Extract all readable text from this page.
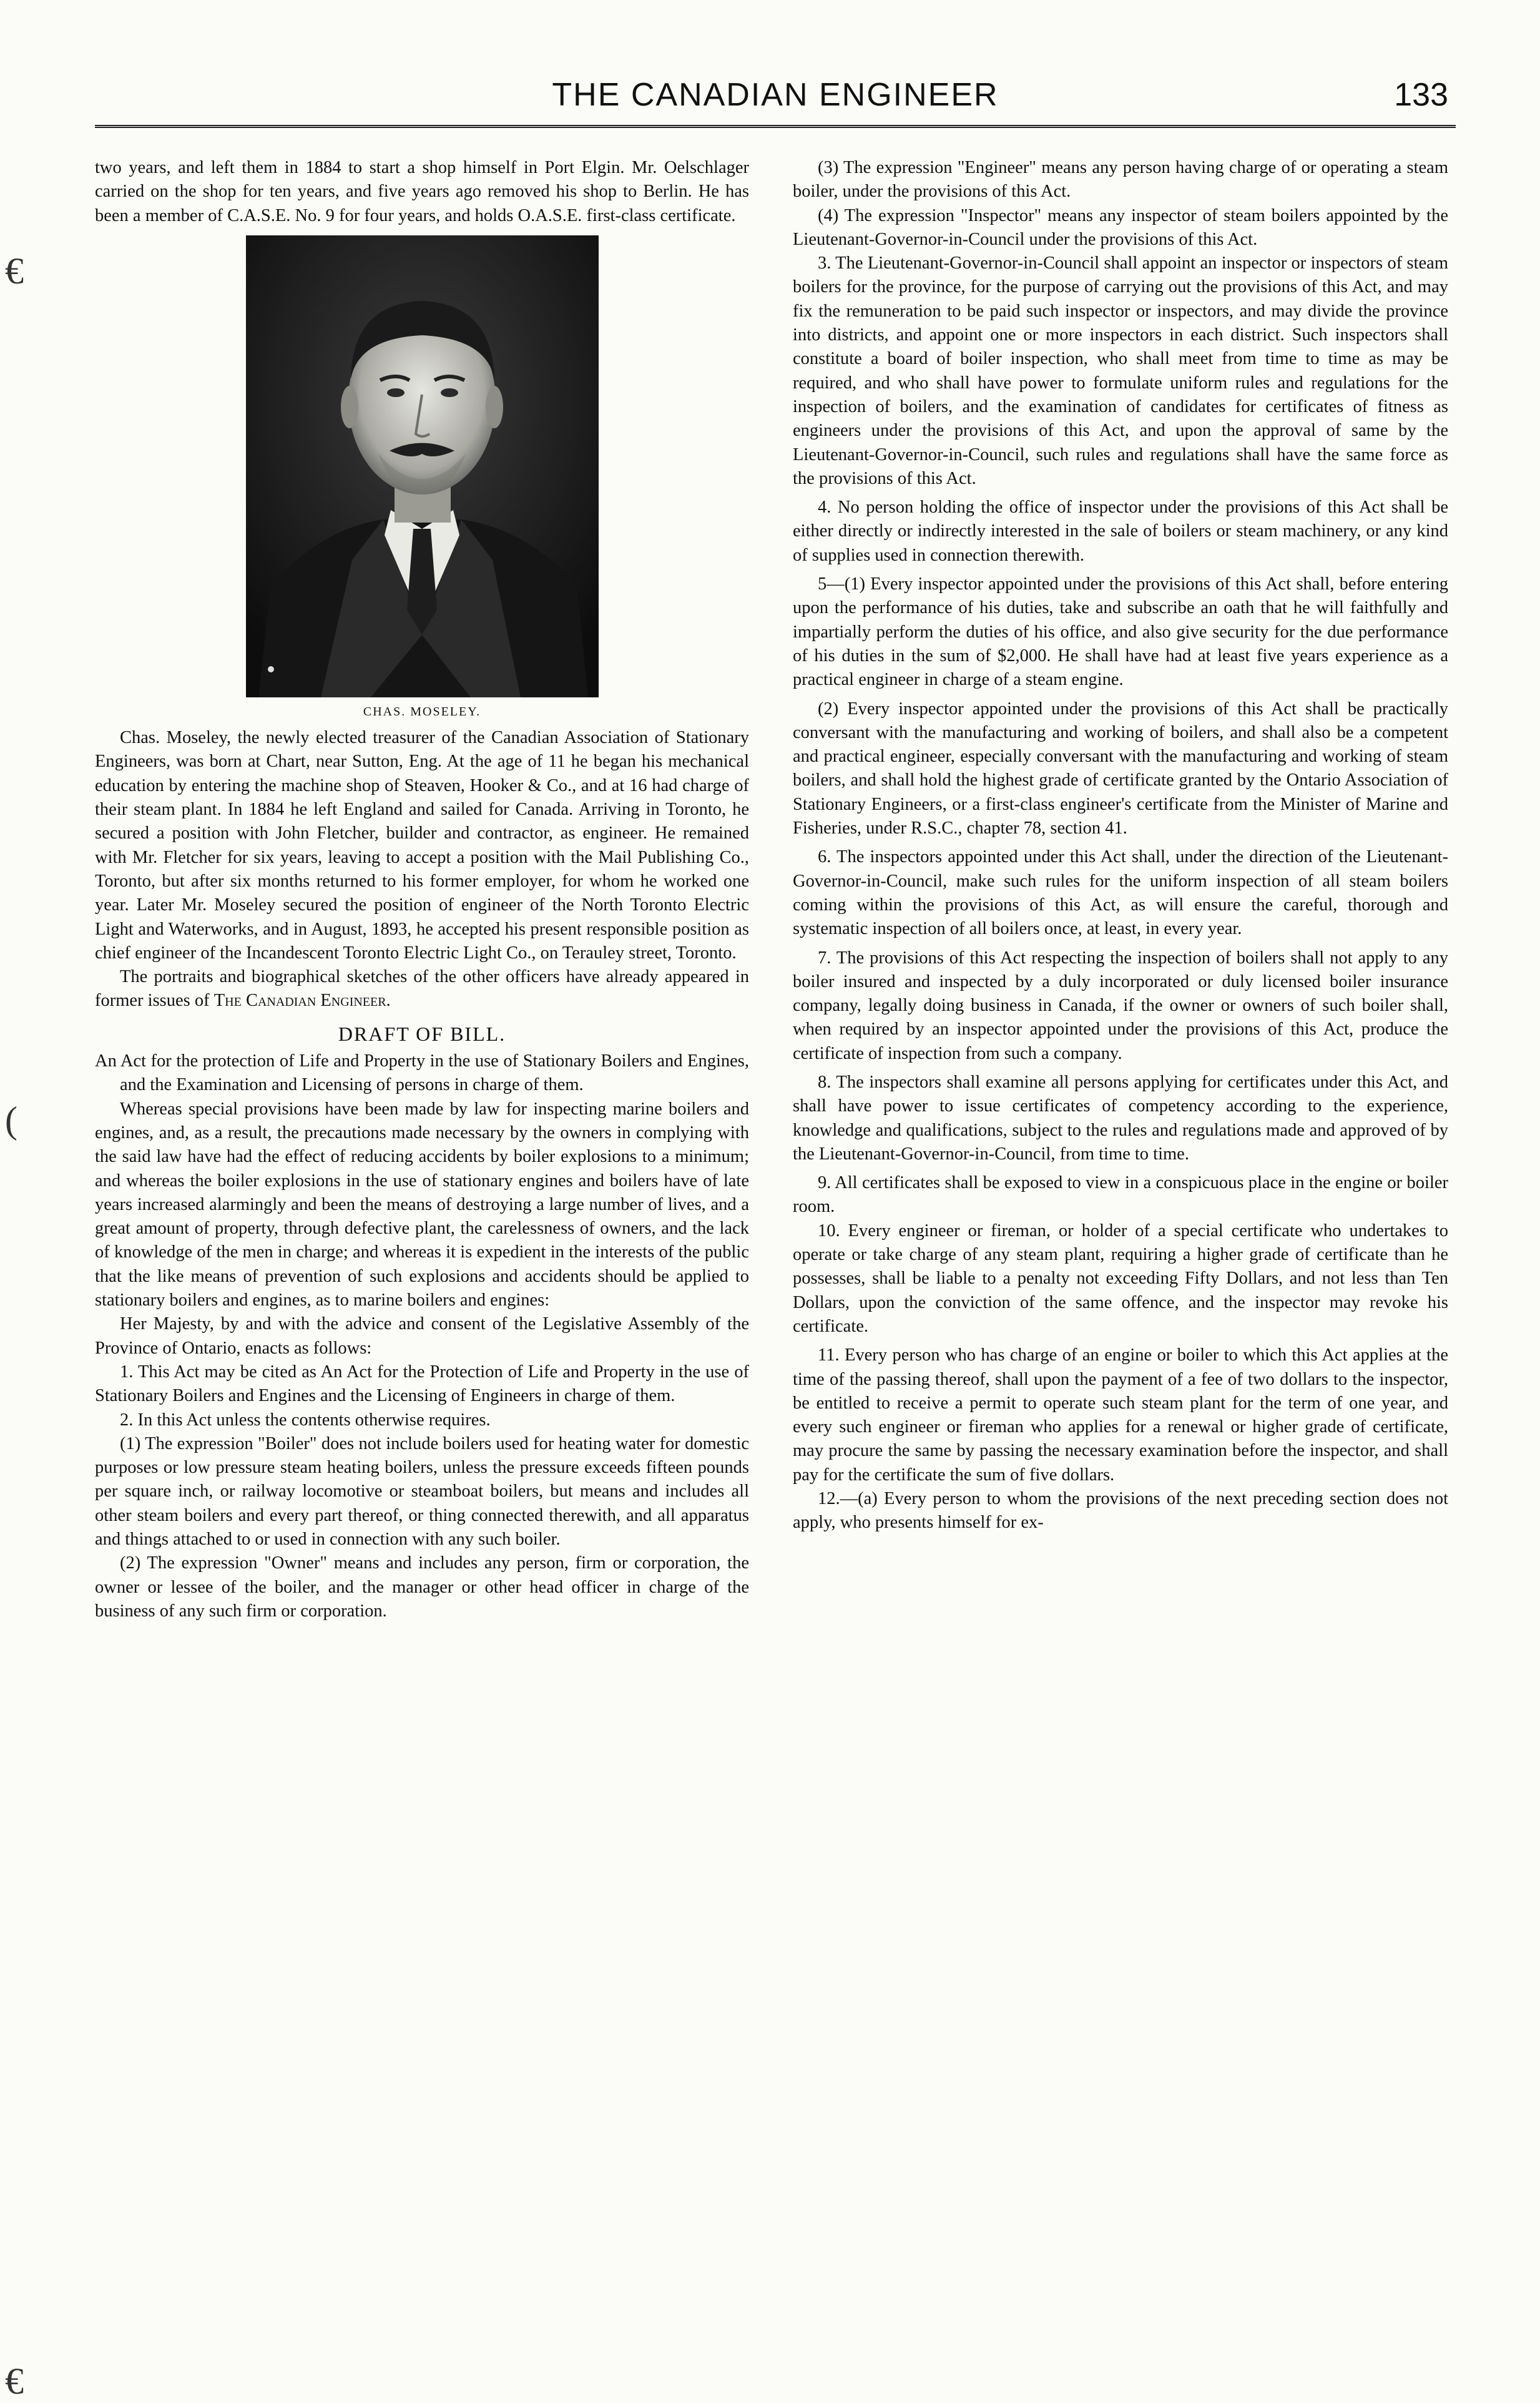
THE CANADIAN ENGINEER	133
€
(
€

two years, and left them in 1884 to start a shop himself in Port Elgin. Mr. Oelschlager carried on the shop for ten years, and five years ago removed his shop to Berlin. He has been a member of C.A.S.E. No. 9 for four years, and holds O.A.S.E. first-class certificate.

CHAS. MOSELEY.

Chas. Moseley, the newly elected treasurer of the Canadian Association of Stationary Engineers, was born at Chart, near Sutton, Eng. At the age of 11 he began his mechanical education by entering the machine shop of Steaven, Hooker & Co., and at 16 had charge of their steam plant. In 1884 he left England and sailed for Canada. Arriving in Toronto, he secured a position with John Fletcher, builder and contractor, as engineer. He remained with Mr. Fletcher for six years, leaving to accept a position with the Mail Publishing Co., Toronto, but after six months returned to his former employer, for whom he worked one year. Later Mr. Moseley secured the position of engineer of the North Toronto Electric Light and Waterworks, and in August, 1893, he accepted his present responsible position as chief engineer of the Incandescent Toronto Electric Light Co., on Terauley street, Toronto.

The portraits and biographical sketches of the other officers have already appeared in former issues of The Canadian Engineer.

DRAFT OF BILL.

An Act for the protection of Life and Property in the use of Stationary Boilers and Engines, and the Examination and Licensing of persons in charge of them.

Whereas special provisions have been made by law for inspecting marine boilers and engines, and, as a result, the precautions made necessary by the owners in complying with the said law have had the effect of reducing accidents by boiler explosions to a minimum; and whereas the boiler explosions in the use of stationary engines and boilers have of late years increased alarmingly and been the means of destroying a large number of lives, and a great amount of property, through defective plant, the carelessness of owners, and the lack of knowledge of the men in charge; and whereas it is expedient in the interests of the public that the like means of prevention of such explosions and accidents should be applied to stationary boilers and engines, as to marine boilers and engines:

Her Majesty, by and with the advice and consent of the Legislative Assembly of the Province of Ontario, enacts as follows:

1. This Act may be cited as An Act for the Protection of Life and Property in the use of Stationary Boilers and Engines and the Licensing of Engineers in charge of them.

2. In this Act unless the contents otherwise requires.

(1) The expression "Boiler" does not include boilers used for heating water for domestic purposes or low pressure steam heating boilers, unless the pressure exceeds fifteen pounds per square inch, or railway locomotive or steamboat boilers, but means and includes all other steam boilers and every part thereof, or thing connected therewith, and all apparatus and things attached to or used in connection with any such boiler.

(2) The expression "Owner" means and includes any person, firm or corporation, the owner or lessee of the boiler, and the manager or other head officer in charge of the business of any such firm or corporation.

(3) The expression "Engineer" means any person having charge of or operating a steam boiler, under the provisions of this Act.

(4) The expression "Inspector" means any inspector of steam boilers appointed by the Lieutenant-Governor-in-Council under the provisions of this Act.

3. The Lieutenant-Governor-in-Council shall appoint an inspector or inspectors of steam boilers for the province, for the purpose of carrying out the provisions of this Act, and may fix the remuneration to be paid such inspector or inspectors, and may divide the province into districts, and appoint one or more inspectors in each district. Such inspectors shall constitute a board of boiler inspection, who shall meet from time to time as may be required, and who shall have power to formulate uniform rules and regulations for the inspection of boilers, and the examination of candidates for certificates of fitness as engineers under the provisions of this Act, and upon the approval of same by the Lieutenant-Governor-in-Council, such rules and regulations shall have the same force as the provisions of this Act.

4. No person holding the office of inspector under the provisions of this Act shall be either directly or indirectly interested in the sale of boilers or steam machinery, or any kind of supplies used in connection therewith.

5—(1) Every inspector appointed under the provisions of this Act shall, before entering upon the performance of his duties, take and subscribe an oath that he will faithfully and impartially perform the duties of his office, and also give security for the due performance of his duties in the sum of $2,000. He shall have had at least five years experience as a practical engineer in charge of a steam engine.

(2) Every inspector appointed under the provisions of this Act shall be practically conversant with the manufacturing and working of boilers, and shall also be a competent and practical engineer, especially conversant with the manufacturing and working of steam boilers, and shall hold the highest grade of certificate granted by the Ontario Association of Stationary Engineers, or a first-class engineer's certificate from the Minister of Marine and Fisheries, under R.S.C., chapter 78, section 41.

6. The inspectors appointed under this Act shall, under the direction of the Lieutenant-Governor-in-Council, make such rules for the uniform inspection of all steam boilers coming within the provisions of this Act, as will ensure the careful, thorough and systematic inspection of all boilers once, at least, in every year.

7. The provisions of this Act respecting the inspection of boilers shall not apply to any boiler insured and inspected by a duly incorporated or duly licensed boiler insurance company, legally doing business in Canada, if the owner or owners of such boiler shall, when required by an inspector appointed under the provisions of this Act, produce the certificate of inspection from such a company.

8. The inspectors shall examine all persons applying for certificates under this Act, and shall have power to issue certificates of competency according to the experience, knowledge and qualifications, subject to the rules and regulations made and approved of by the Lieutenant-Governor-in-Council, from time to time.

9. All certificates shall be exposed to view in a conspicuous place in the engine or boiler room.

10. Every engineer or fireman, or holder of a special certificate who undertakes to operate or take charge of any steam plant, requiring a higher grade of certificate than he possesses, shall be liable to a penalty not exceeding Fifty Dollars, and not less than Ten Dollars, upon the conviction of the same offence, and the inspector may revoke his certificate.

11. Every person who has charge of an engine or boiler to which this Act applies at the time of the passing thereof, shall upon the payment of a fee of two dollars to the inspector, be entitled to receive a permit to operate such steam plant for the term of one year, and every such engineer or fireman who applies for a renewal or higher grade of certificate, may procure the same by passing the necessary examination before the inspector, and shall pay for the certificate the sum of five dollars.

12.—(a) Every person to whom the provisions of the next preceding section does not apply, who presents himself for ex-
